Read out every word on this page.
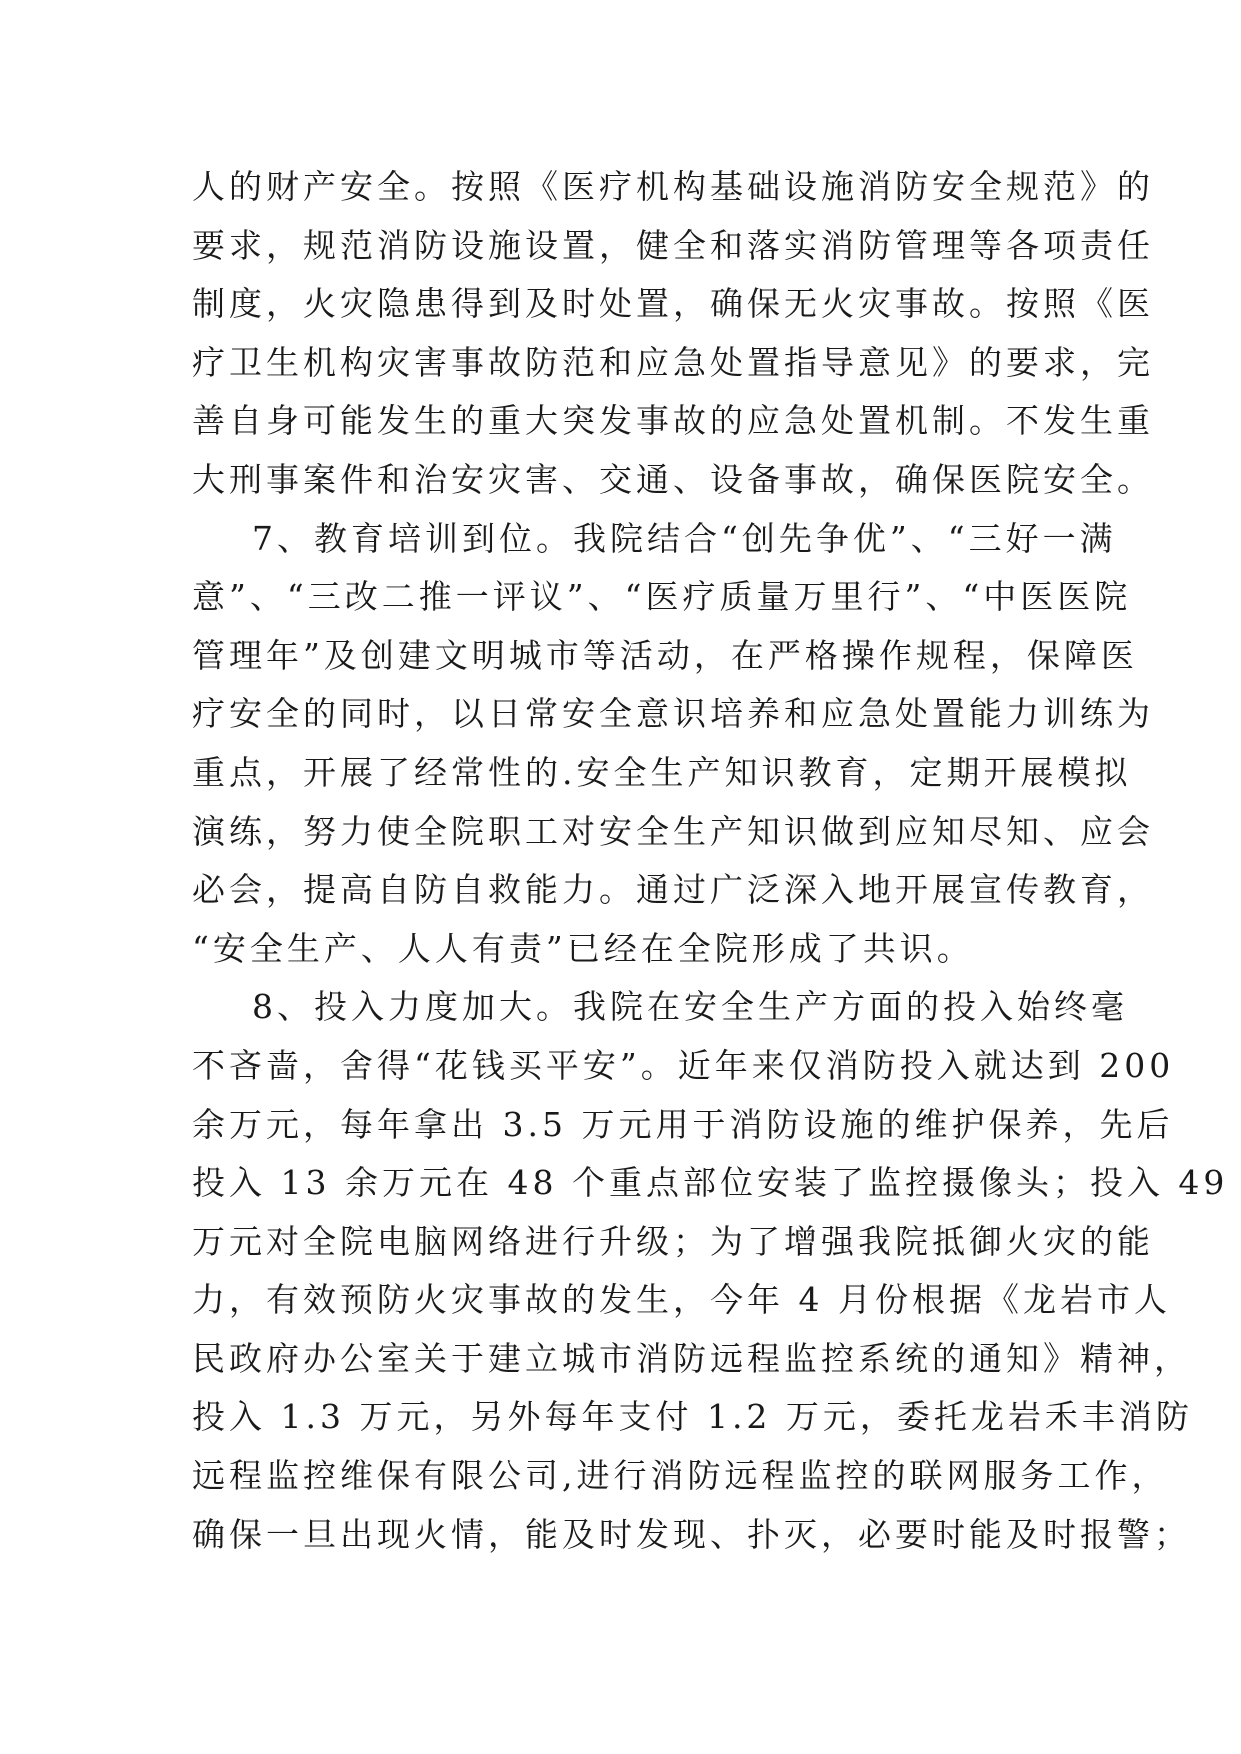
人的财产安全。按照《医疗机构基础设施消防安全规范》的
要求，规范消防设施设置，健全和落实消防管理等各项责任
制度，火灾隐患得到及时处置，确保无火灾事故。按照《医
疗卫生机构灾害事故防范和应急处置指导意见》的要求，完
善自身可能发生的重大突发事故的应急处置机制。不发生重
大刑事案件和治安灾害、交通、设备事故，确保医院安全。
7、教育培训到位。我院结合“创先争优”、“三好一满
意”、“三改二推一评议”、“医疗质量万里行”、“中医医院
管理年”及创建文明城市等活动，在严格操作规程，保障医
疗安全的同时，以日常安全意识培养和应急处置能力训练为
重点，开展了经常性的.安全生产知识教育，定期开展模拟
演练，努力使全院职工对安全生产知识做到应知尽知、应会
必会，提高自防自救能力。通过广泛深入地开展宣传教育，
“安全生产、人人有责”已经在全院形成了共识。
8、投入力度加大。我院在安全生产方面的投入始终毫
不吝啬，舍得“花钱买平安”。近年来仅消防投入就达到 200
余万元，每年拿出 3.5 万元用于消防设施的维护保养，先后
投入 13 余万元在 48 个重点部位安装了监控摄像头；投入 49
万元对全院电脑网络进行升级；为了增强我院抵御火灾的能
力，有效预防火灾事故的发生，今年 4 月份根据《龙岩市人
民政府办公室关于建立城市消防远程监控系统的通知》精神，
投入 1.3 万元，另外每年支付 1.2 万元，委托龙岩禾丰消防
远程监控维保有限公司,进行消防远程监控的联网服务工作，
确保一旦出现火情，能及时发现、扑灭，必要时能及时报警；
